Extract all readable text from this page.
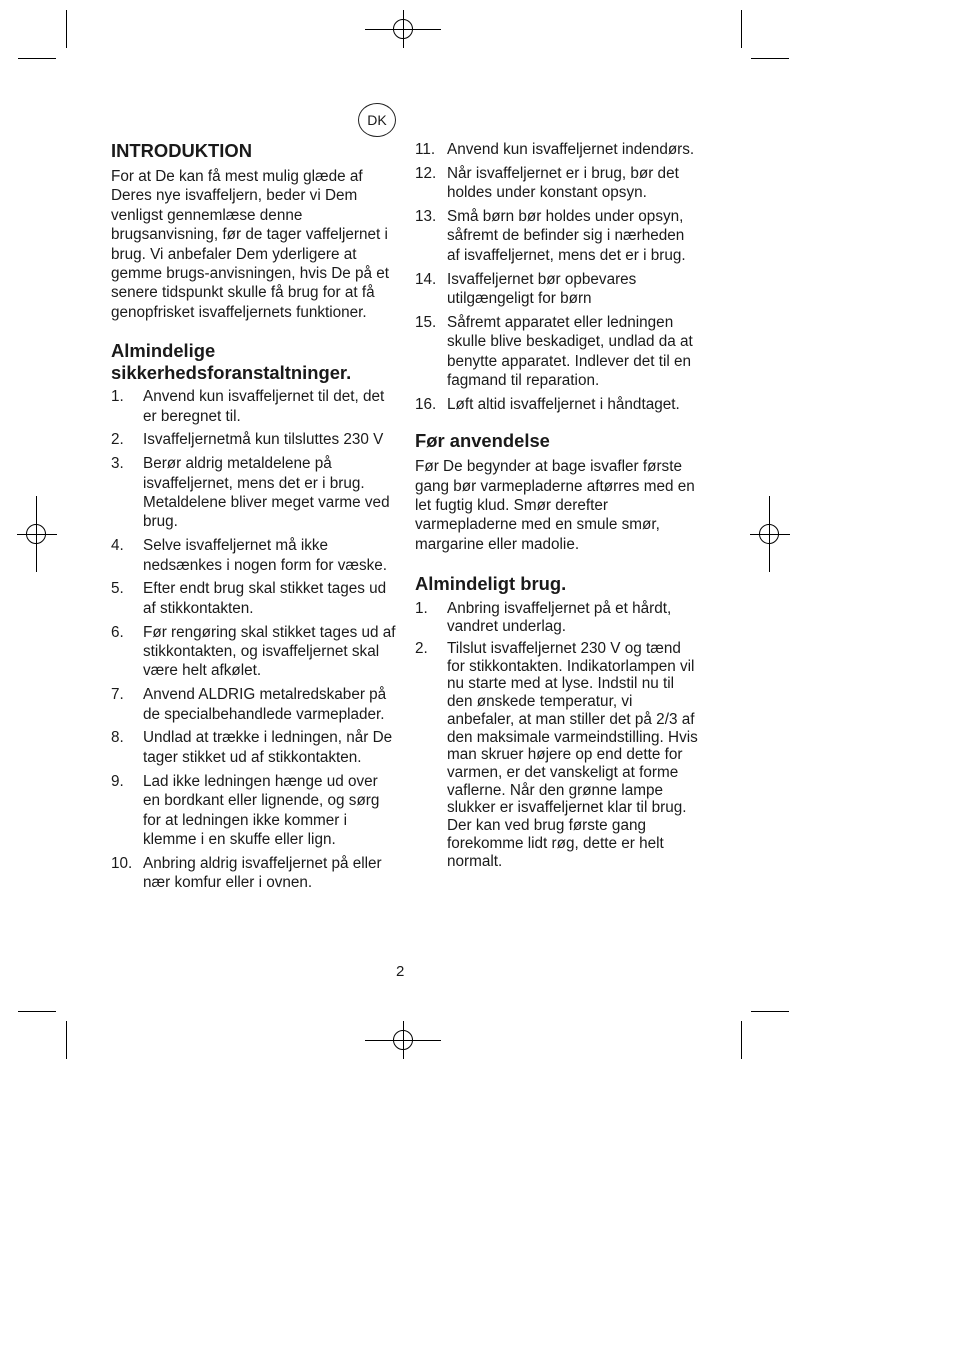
DK
INTRODUKTION

For at De kan få mest mulig glæde af Deres nye isvaffeljern, beder vi Dem venligst gennemlæse denne brugsanvisning, før de tager vaffeljernet i brug. Vi anbefaler Dem yderligere at gemme brugs-anvisningen, hvis De på et senere tidspunkt skulle få brug for at få genopfrisket isvaffeljernets funktioner.

Almindelige sikkerhedsforanstaltninger.
1.	Anvend kun isvaffeljernet til det, det er beregnet til.
2.	Isvaffeljernetmå kun tilsluttes 230 V
3.	Berør aldrig metaldelene på isvaffeljernet, mens det er i brug. Metaldelene bliver meget varme ved brug.
4.	Selve isvaffeljernet må ikke nedsænkes i nogen form for væske.
5.	Efter endt brug skal stikket tages ud af stikkontakten.
6.	Før rengøring skal stikket tages ud af stikkontakten, og isvaffeljernet skal være helt afkølet.
7.	Anvend ALDRIG metalredskaber på de specialbehandlede varmeplader.
8.	Undlad at trække i ledningen, når De tager stikket ud af stikkontakten.
9.	Lad ikke ledningen hænge ud over en bordkant eller lignende, og sørg for at ledningen ikke kommer i klemme i en skuffe eller lign.
10. Anbring aldrig isvaffeljernet på eller nær komfur eller i ovnen.
11. Anvend kun isvaffeljernet indendørs.
12. Når isvaffeljernet er i brug, bør det holdes under konstant opsyn.
13. Små børn bør holdes under opsyn, såfremt de befinder sig i nærheden af isvaffeljernet, mens det er i brug.
14. Isvaffeljernet bør opbevares utilgængeligt for børn
15. Såfremt apparatet eller ledningen skulle blive beskadiget, undlad da at benytte apparatet. Indlever det til en fagmand til reparation.
16. Løft altid isvaffeljernet i håndtaget.
Før anvendelse

Før De begynder at bage isvafler første gang bør varmepladerne aftørres med en let fugtig klud. Smør derefter varmepladerne med en smule smør, margarine eller madolie.

Almindeligt brug.
1.	Anbring isvaffeljernet på et hårdt, vandret underlag.
2.	Tilslut isvaffeljernet 230 V og tænd for stikkontakten. Indikatorlampen vil nu starte med at lyse. Indstil nu til den ønskede temperatur, vi anbefaler, at man stiller det på 2/3 af den maksimale varmeindstilling. Hvis man skruer højere op end dette for varmen, er det vanskeligt at forme vaflerne. Når den grønne lampe slukker er isvaffeljernet klar til brug. Der kan ved brug første gang forekomme lidt røg, dette er helt normalt.
2
